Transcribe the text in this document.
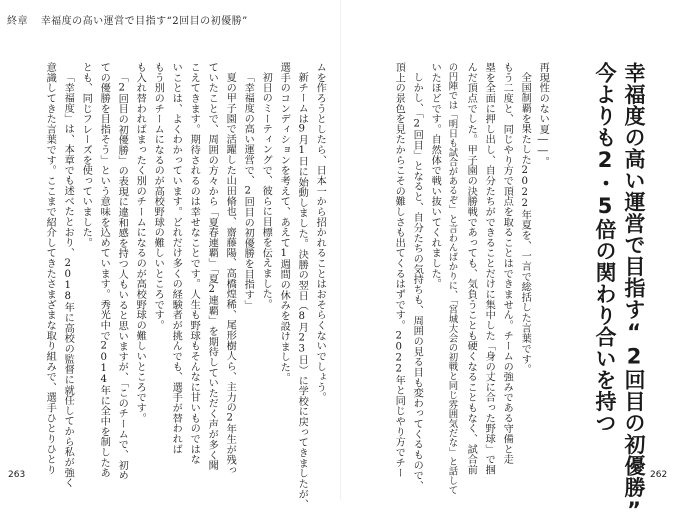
終章 幸福度の高い運営で目指す“2回目の初優勝”
幸福度の高い運営で目指す“2回目の初優勝”
今よりも2・5倍の関わり合いを持つ
再現性のない夏――。
全国制覇を果たした2022年夏を、一言で総括した言葉です。
もう二度と、同じやり方で頂点を取ることはできません。チームの強みである守備と走
塁を全面に押し出し、自分たちができることだけに集中した「身の丈に合った野球」で掴
んだ頂点でした。甲子園の決勝戦であっても、気負うことも硬くなることもなく、試合前
の円陣では「明日も試合があるぞ」と言わんばかりに、「宮城大会の初戦と同じ雰囲気だな」と話して
いたほどです。自然体で戦い抜いてくれました。
しかし、「2回目」となると、自分たちの気持ちも、周囲の見る目も変わってくるもので、
頂上の景色を見たからこその難しさも出てくるはずです。2022年と同じやり方でチー
ムを作ろうとしたら、日本一から招かれることはおそらくないでしょう。
新チームは9月1日に始動しました。決勝の翌日（8月23日）に学校に戻ってきましたが、
選手のコンディションを考えて、あえて1週間の休みを設けました。
初日のミーティングで、彼らに目標を伝えました。
「幸福度の高い運営で、2回目の初優勝を目指す」
夏の甲子園で活躍した山田脩也、齋藤陽、高橋煌稀、尾形樹人ら、主力の2年生が残っ
ていたことで、周囲の方々から「夏春連覇」「夏2連覇」を期待していただく声が多く聞
こえてきます。期待されるのは幸せなことです。人生も野球もそんなに甘いものではな
いことは、よくわかっています。どれだけ多くの経験者が挑んでも、選手が替われば
もう別のチームになるのが高校野球の難しいところです。
も入れ替わればまったく別のチームになるのが高校野球の難しいところです。
「2回目の初優勝」の表現に違和感を持つ人もいると思いますが、「このチームで、初め
ての優勝を目指そう」という意味を込めています。秀光中で2014年に全中を制したあ
とも、同じフレーズを使っていました。
「幸福度」は、本章でも述べたとおり、2018年に高校の監督に就任してから私が強く
意識してきた言葉です。ここまで紹介してきたさまざまな取り組みで、選手ひとりひとり
263	262
